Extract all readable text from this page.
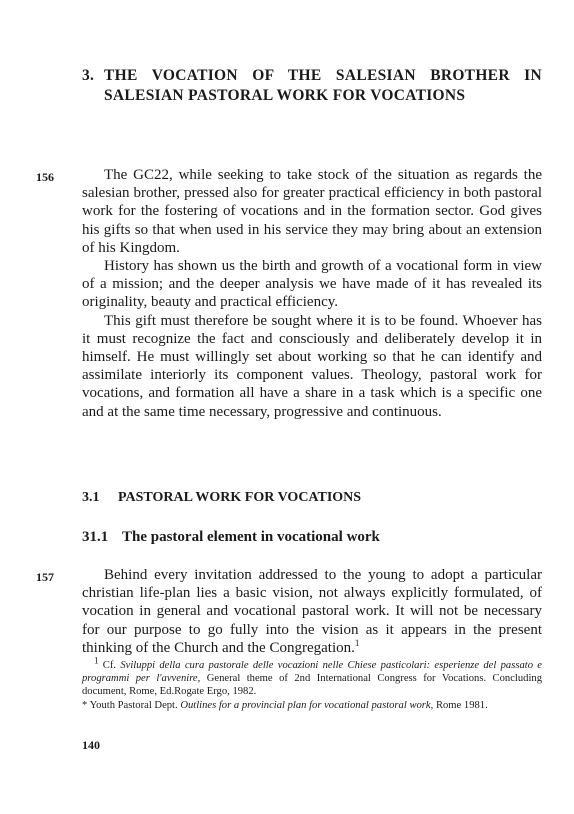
3. THE VOCATION OF THE SALESIAN BROTHER IN SALESIAN PASTORAL WORK FOR VOCATIONS
156	The GC22, while seeking to take stock of the situation as regards the salesian brother, pressed also for greater practical efficiency in both pastoral work for the fostering of vocations and in the formation sector. God gives his gifts so that when used in his service they may bring about an extension of his Kingdom.

History has shown us the birth and growth of a vocational form in view of a mission; and the deeper analysis we have made of it has revealed its originality, beauty and practical efficiency.

This gift must therefore be sought where it is to be found. Whoever has it must recognize the fact and consciously and deliberately develop it in himself. He must willingly set about working so that he can identify and assimilate interiorly its component values. Theology, pastoral work for vocations, and formation all have a share in a task which is a specific one and at the same time necessary, progressive and continuous.

3.1 PASTORAL WORK FOR VOCATIONS
31.1 The pastoral element in vocational work
157	Behind every invitation addressed to the young to adopt a particular christian life-plan lies a basic vision, not always explicitly formulated, of vocation in general and vocational pastoral work. It will not be necessary for our purpose to go fully into the vision as it appears in the present thinking of the Church and the Congregation.$^1$

$^1$ Cf. Sviluppi della cura pastorale delle vocazioni nelle Chiese pasticolari: esperienze del passato e programmi per l'avvenire, General theme of 2nd International Congress for Vocations. Concluding document, Rome, Ed.Rogate Ergo, 1982.

* Youth Pastoral Dept. Outlines for a provincial plan for vocational pastoral work, Rome 1981.

140
